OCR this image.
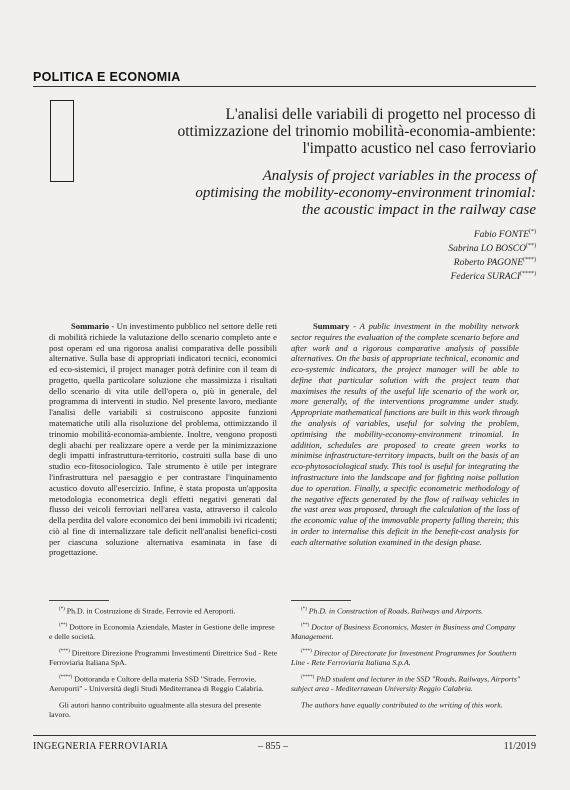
POLITICA E ECONOMIA
L'analisi delle variabili di progetto nel processo di
ottimizzazione del trinomio mobilità-economia-ambiente:
l'impatto acustico nel caso ferroviario
Analysis of project variables in the process of
optimising the mobility-economy-environment trinomial:
the acoustic impact in the railway case
Fabio FONTE(*)
Sabrina LO BOSCO(**)
Roberto PAGONE(***)
Federica SURACI(****)

Sommario - Un investimento pubblico nel settore delle reti di mobilità richiede la valutazione dello scenario completo ante e post operam ed una rigorosa analisi comparativa delle possibili alternative. Sulla base di appropriati indicatori tecnici, economici ed eco-sistemici, il project manager potrà definire con il team di progetto, quella particolare soluzione che massimizza i risultati dello scenario di vita utile dell'opera o, più in generale, del programma di interventi in studio. Nel presente lavoro, mediante l'analisi delle variabili si costruiscono apposite funzioni matematiche utili alla risoluzione del problema, ottimizzando il trinomio mobilità-economia-ambiente. Inoltre, vengono proposti degli abachi per realizzare opere a verde per la minimizzazione degli impatti infrastruttura-territorio, costruiti sulla base di uno studio eco-fitosociologico. Tale strumento è utile per integrare l'infrastruttura nel paesaggio e per contrastare l'inquinamento acustico dovuto all'esercizio. Infine, è stata proposta un'apposita metodologia econometrica degli effetti negativi generati dal flusso dei veicoli ferroviari nell'area vasta, attraverso il calcolo della perdita del valore economico dei beni immobili ivi ricadenti; ciò al fine di internalizzare tale deficit nell'analisi benefici-costi per ciascuna soluzione alternativa esaminata in fase di progettazione.

Summary - A public investment in the mobility network sector requires the evaluation of the complete scenario before and after work and a rigorous comparative analysis of possible alternatives. On the basis of appropriate technical, economic and eco-systemic indicators, the project manager will be able to define that particular solution with the project team that maximises the results of the useful life scenario of the work or, more generally, of the interventions programme under study. Appropriate mathematical functions are built in this work through the analysis of variables, useful for solving the problem, optimising the mobility-economy-environment trinomial. In addition, schedules are proposed to create green works to minimise infrastructure-territory impacts, built on the basis of an eco-phytosociological study. This tool is useful for integrating the infrastructure into the landscape and for fighting noise pollution due to operation. Finally, a specific econometric methodology of the negative effects generated by the flow of railway vehicles in the vast area was proposed, through the calculation of the loss of the economic value of the immovable property falling therein; this in order to internalise this deficit in the benefit-cost analysis for each alternative solution examined in the design phase.

(*) Ph.D. in Costruzione di Strade, Ferrovie ed Aeroporti.

(**) Dottore in Economia Aziendale, Master in Gestione delle imprese e delle società.

(***) Direttore Direzione Programmi Investimenti Direttrice Sud - Rete Ferroviaria Italiana SpA.

(****) Dottoranda e Cultore della materia SSD "Strade, Ferrovie, Aeroporti" - Università degli Studi Mediterranea di Reggio Calabria.

Gli autori hanno contribuito ugualmente alla stesura del presente lavoro.

(*) Ph.D. in Construction of Roads, Railways and Airports.

(**) Doctor of Business Economics, Master in Business and Company Management.

(***) Director of Directorate for Investment Programmes for Southern Line - Rete Ferroviaria Italiana S.p.A.

(****) PhD student and lecturer in the SSD "Roads, Railways, Airports" subject area - Mediterranean University Reggio Calabria.

The authors have equally contributed to the writing of this work.

INGEGNERIA FERROVIARIA	– 855 –	11/2019
